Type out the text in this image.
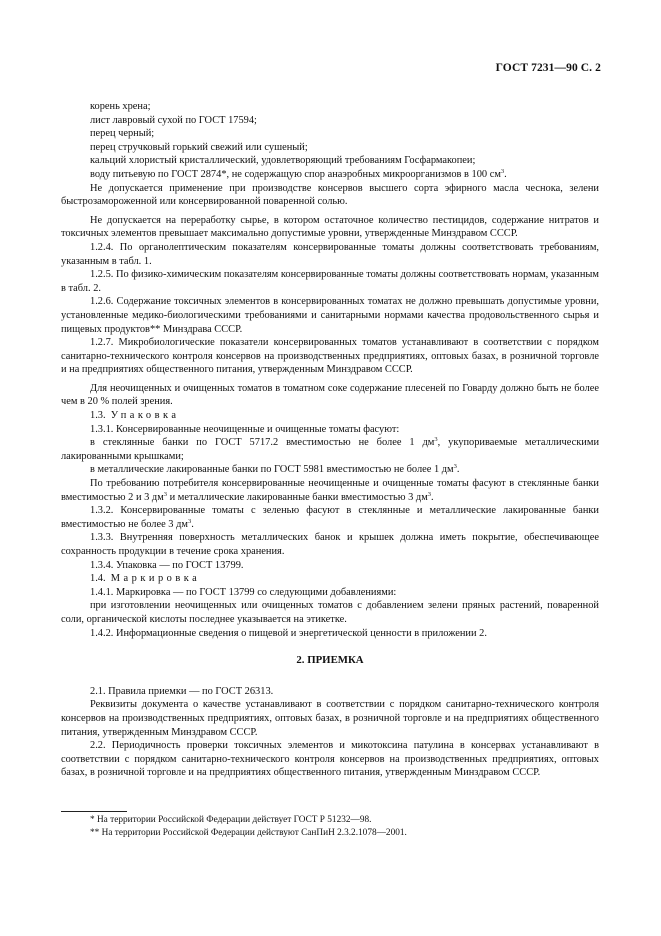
ГОСТ 7231—90 С. 2

корень хрена;

лист лавровый сухой по ГОСТ 17594;

перец черный;

перец стручковый горький свежий или сушеный;

кальций хлористый кристаллический, удовлетворяющий требованиям Госфармакопеи;

воду питьевую по ГОСТ 2874*, не содержащую спор анаэробных микроорганизмов в 100 $см^3$.

Не допускается применение при производстве консервов высшего сорта эфирного масла чеснока, зелени быстрозамороженной или консервированной поваренной солью.

Не допускается на переработку сырье, в котором остаточное количество пестицидов, содержание нитратов и токсичных элементов превышает максимально допустимые уровни, утвержденные Минздравом СССР.

1.2.4. По органолептическим показателям консервированные томаты должны соответствовать требованиям, указанным в табл. 1.

1.2.5. По физико-химическим показателям консервированные томаты должны соответствовать нормам, указанным в табл. 2.

1.2.6. Содержание токсичных элементов в консервированных томатах не должно превышать допустимые уровни, установленные медико-биологическими требованиями и санитарными нормами качества продовольственного сырья и пищевых продуктов** Минздрава СССР.

1.2.7. Микробиологические показатели консервированных томатов устанавливают в соответствии с порядком санитарно-технического контроля консервов на производственных предприятиях, оптовых базах, в розничной торговле и на предприятиях общественного питания, утвержденным Минздравом СССР.

Для неочищенных и очищенных томатов в томатном соке содержание плесеней по Говарду должно быть не более чем в 20 % полей зрения.

1.3. Упаковка

1.3.1. Консервированные неочищенные и очищенные томаты фасуют:

в стеклянные банки по ГОСТ 5717.2 вместимостью не более 1 $дм^3$, укупориваемые металлическими лакированными крышками;

в металлические лакированные банки по ГОСТ 5981 вместимостью не более 1 $дм^3$.

По требованию потребителя консервированные неочищенные и очищенные томаты фасуют в стеклянные банки вместимостью 2 и 3 $дм^3$ и металлические лакированные банки вместимостью 3 $дм^3$.

1.3.2. Консервированные томаты с зеленью фасуют в стеклянные и металлические лакированные банки вместимостью не более 3 $дм^3$.

1.3.3. Внутренняя поверхность металлических банок и крышек должна иметь покрытие, обеспечивающее сохранность продукции в течение срока хранения.

1.3.4. Упаковка — по ГОСТ 13799.

1.4. Маркировка

1.4.1. Маркировка — по ГОСТ 13799 со следующими добавлениями:

при изготовлении неочищенных или очищенных томатов с добавлением зелени пряных растений, поваренной соли, органической кислоты последнее указывается на этикетке.

1.4.2. Информационные сведения о пищевой и энергетической ценности в приложении 2.

2. ПРИЕМКА

2.1. Правила приемки — по ГОСТ 26313.

Реквизиты документа о качестве устанавливают в соответствии с порядком санитарно-технического контроля консервов на производственных предприятиях, оптовых базах, в розничной торговле и на предприятиях общественного питания, утвержденным Минздравом СССР.

2.2. Периодичность проверки токсичных элементов и микотоксина патулина в консервах устанавливают в соответствии с порядком санитарно-технического контроля консервов на производственных предприятиях, оптовых базах, в розничной торговле и на предприятиях общественного питания, утвержденным Минздравом СССР.

* На территории Российской Федерации действует ГОСТ Р 51232—98.

** На территории Российской Федерации действуют СанПиН 2.3.2.1078—2001.
